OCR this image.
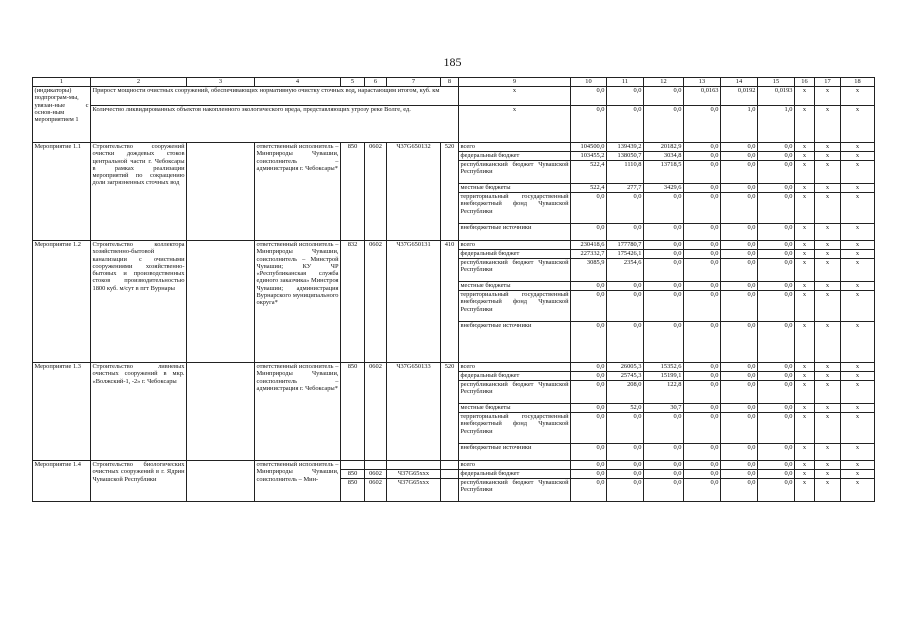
185
1	2	3	4	5	6	7	8	9	10	11	12	13	14	15	16	17	18
(индикаторы) подпрограм-мы, увязан-ные с основ-ным мероприятием 1	Прирост мощности очистных сооружений, обеспечивающих нормативную очистку сточных вод, нарастающим итогом, куб. км							x	0,0	0,0	0,0	0,0163	0,0192	0,0193	x	x	x
	Количество ликвидированных объектов накопленного экологического вреда, представляющих угрозу реке Волге, ед.							x	0,0	0,0	0,0	0,0	1,0	1,0	x	x	x
Мероприятие 1.1	Строительство сооружений очистки дождевых стоков центральной части г. Чебоксары в рамках реализации мероприятий по сокращению доли загрязненных сточных вод		ответственный исполнитель – Минприроды Чувашии, соисполнитель – администрация г. Чебоксары*	850	0602	Ч37G650132	520	всего	104500,0	139439,2	20182,9	0,0	0,0	0,0	x	x	x
								федеральный бюджет	103455,2	138050,7	3034,8	0,0	0,0	0,0	x	x	x
								республиканский бюджет Чувашской Республики	522,4	1110,8	13718,5	0,0	0,0	0,0	x	x	x
								местные бюджеты	522,4	277,7	3429,6	0,0	0,0	0,0	x	x	x
								территориальный государственный внебюджетный фонд Чувашской Республики	0,0	0,0	0,0	0,0	0,0	0,0	x	x	x
								внебюджетные источники	0,0	0,0	0,0	0,0	0,0	0,0	x	x	x
Мероприятие 1.2	Строительство коллектора хозяйственно-бытовой канализации с очистными сооружениями хозяйственно-бытовых и производственных стоков производительностью 1800 куб. м/сут в пгт Вурнары		ответственный исполнитель – Минприроды Чувашии, соисполнитель – Минстрой Чувашии; КУ ЧР «Республиканская служба единого заказчика» Минстроя Чувашии; администрация Вурнарского муниципального округа*	832	0602	Ч37G650131	410	всего	230418,6	177780,7	0,0	0,0	0,0	0,0	x	x	x
								федеральный бюджет	227332,7	175426,1	0,0	0,0	0,0	0,0	x	x	x
								республиканский бюджет Чувашской Республики	3085,9	2354,6	0,0	0,0	0,0	0,0	x	x	x
								местные бюджеты	0,0	0,0	0,0	0,0	0,0	0,0	x	x	x
								территориальный государственный внебюджетный фонд Чувашской Республики	0,0	0,0	0,0	0,0	0,0	0,0	x	x	x
								внебюджетные источники	0,0	0,0	0,0	0,0	0,0	0,0	x	x	x
Мероприятие 1.3	Строительство ливневых очистных сооружений в мкр. «Волжский-1, -2» г. Чебоксары		ответственный исполнитель – Минприроды Чувашии, соисполнитель – администрация г. Чебоксары*	850	0602	Ч37G650133	520	всего	0,0	26005,3	15352,6	0,0	0,0	0,0	x	x	x
								федеральный бюджет	0,0	25745,3	15199,1	0,0	0,0	0,0	x	x	x
								республиканский бюджет Чувашской Республики	0,0	208,0	122,8	0,0	0,0	0,0	x	x	x
								местные бюджеты	0,0	52,0	30,7	0,0	0,0	0,0	x	x	x
								территориальный государственный внебюджетный фонд Чувашской Республики	0,0	0,0	0,0	0,0	0,0	0,0	x	x	x
								внебюджетные источники	0,0	0,0	0,0	0,0	0,0	0,0	x	x	x
Мероприятие 1.4	Строительство биологических очистных сооружений в г. Ядрин Чувашской Республики		ответственный исполнитель – Минприроды Чувашии, соисполнитель – Мин-					всего	0,0	0,0	0,0	0,0	0,0	0,0	x	x	x
				850	0602	Ч37G65xxx		федеральный бюджет	0,0	0,0	0,0	0,0	0,0	0,0	x	x	x
				850	0602	Ч37G65xxx		республиканский бюджет Чувашской Республики	0,0	0,0	0,0	0,0	0,0	0,0	x	x	x
